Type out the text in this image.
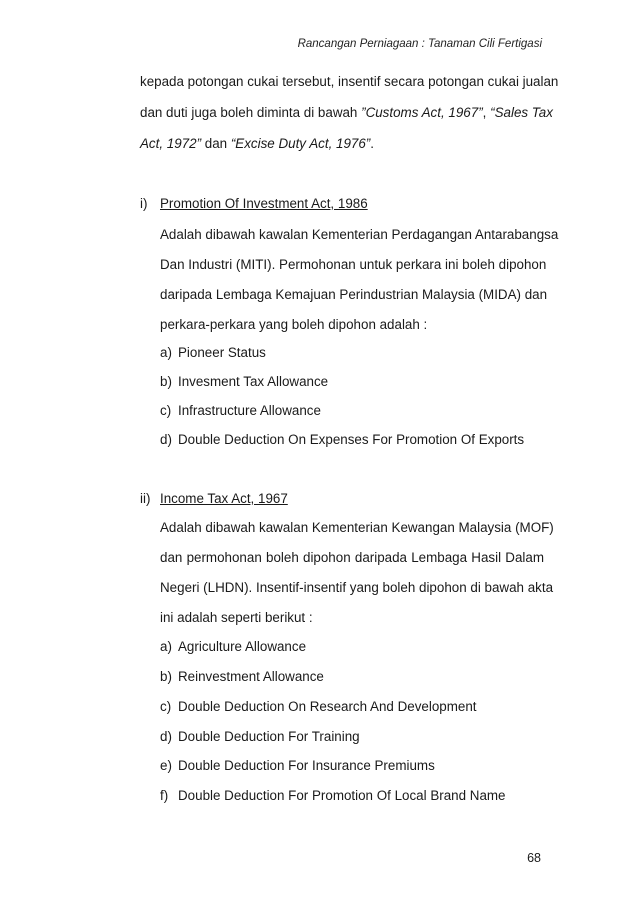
Rancangan Perniagaan : Tanaman Cili Fertigasi
kepada potongan cukai tersebut, insentif secara potongan cukai jualan
dan duti juga boleh diminta di bawah ”Customs Act, 1967”, “Sales Tax
Act, 1972” dan “Excise Duty Act, 1976”.
i) Promotion Of Investment Act, 1986
Adalah dibawah kawalan Kementerian Perdagangan Antarabangsa
Dan Industri (MITI). Permohonan untuk perkara ini boleh dipohon
daripada Lembaga Kemajuan Perindustrian Malaysia (MIDA) dan
perkara-perkara yang boleh dipohon adalah :
a) Pioneer Status
b) Invesment Tax Allowance
c) Infrastructure Allowance
d) Double Deduction On Expenses For Promotion Of Exports
ii) Income Tax Act, 1967
Adalah dibawah kawalan Kementerian Kewangan Malaysia (MOF)
dan permohonan boleh dipohon daripada Lembaga Hasil Dalam
Negeri (LHDN). Insentif-insentif yang boleh dipohon di bawah akta
ini adalah seperti berikut :
a) Agriculture Allowance
b) Reinvestment Allowance
c) Double Deduction On Research And Development
d) Double Deduction For Training
e) Double Deduction For Insurance Premiums
f) Double Deduction For Promotion Of Local Brand Name
68
